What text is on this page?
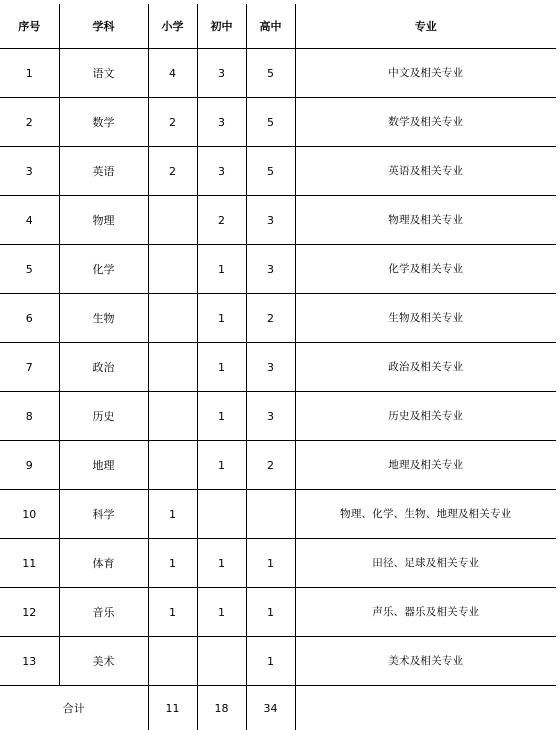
序号	学科	小学	初中	高中	专业
1	语文	4	3	5	中文及相关专业
2	数学	2	3	5	数学及相关专业
3	英语	2	3	5	英语及相关专业
4	物理		2	3	物理及相关专业
5	化学		1	3	化学及相关专业
6	生物		1	2	生物及相关专业
7	政治		1	3	政治及相关专业
8	历史		1	3	历史及相关专业
9	地理		1	2	地理及相关专业
10	科学	1			物理、化学、生物、地理及相关专业
11	体育	1	1	1	田径、足球及相关专业
12	音乐	1	1	1	声乐、器乐及相关专业
13	美术			1	美术及相关专业
合计		11	18	34	
